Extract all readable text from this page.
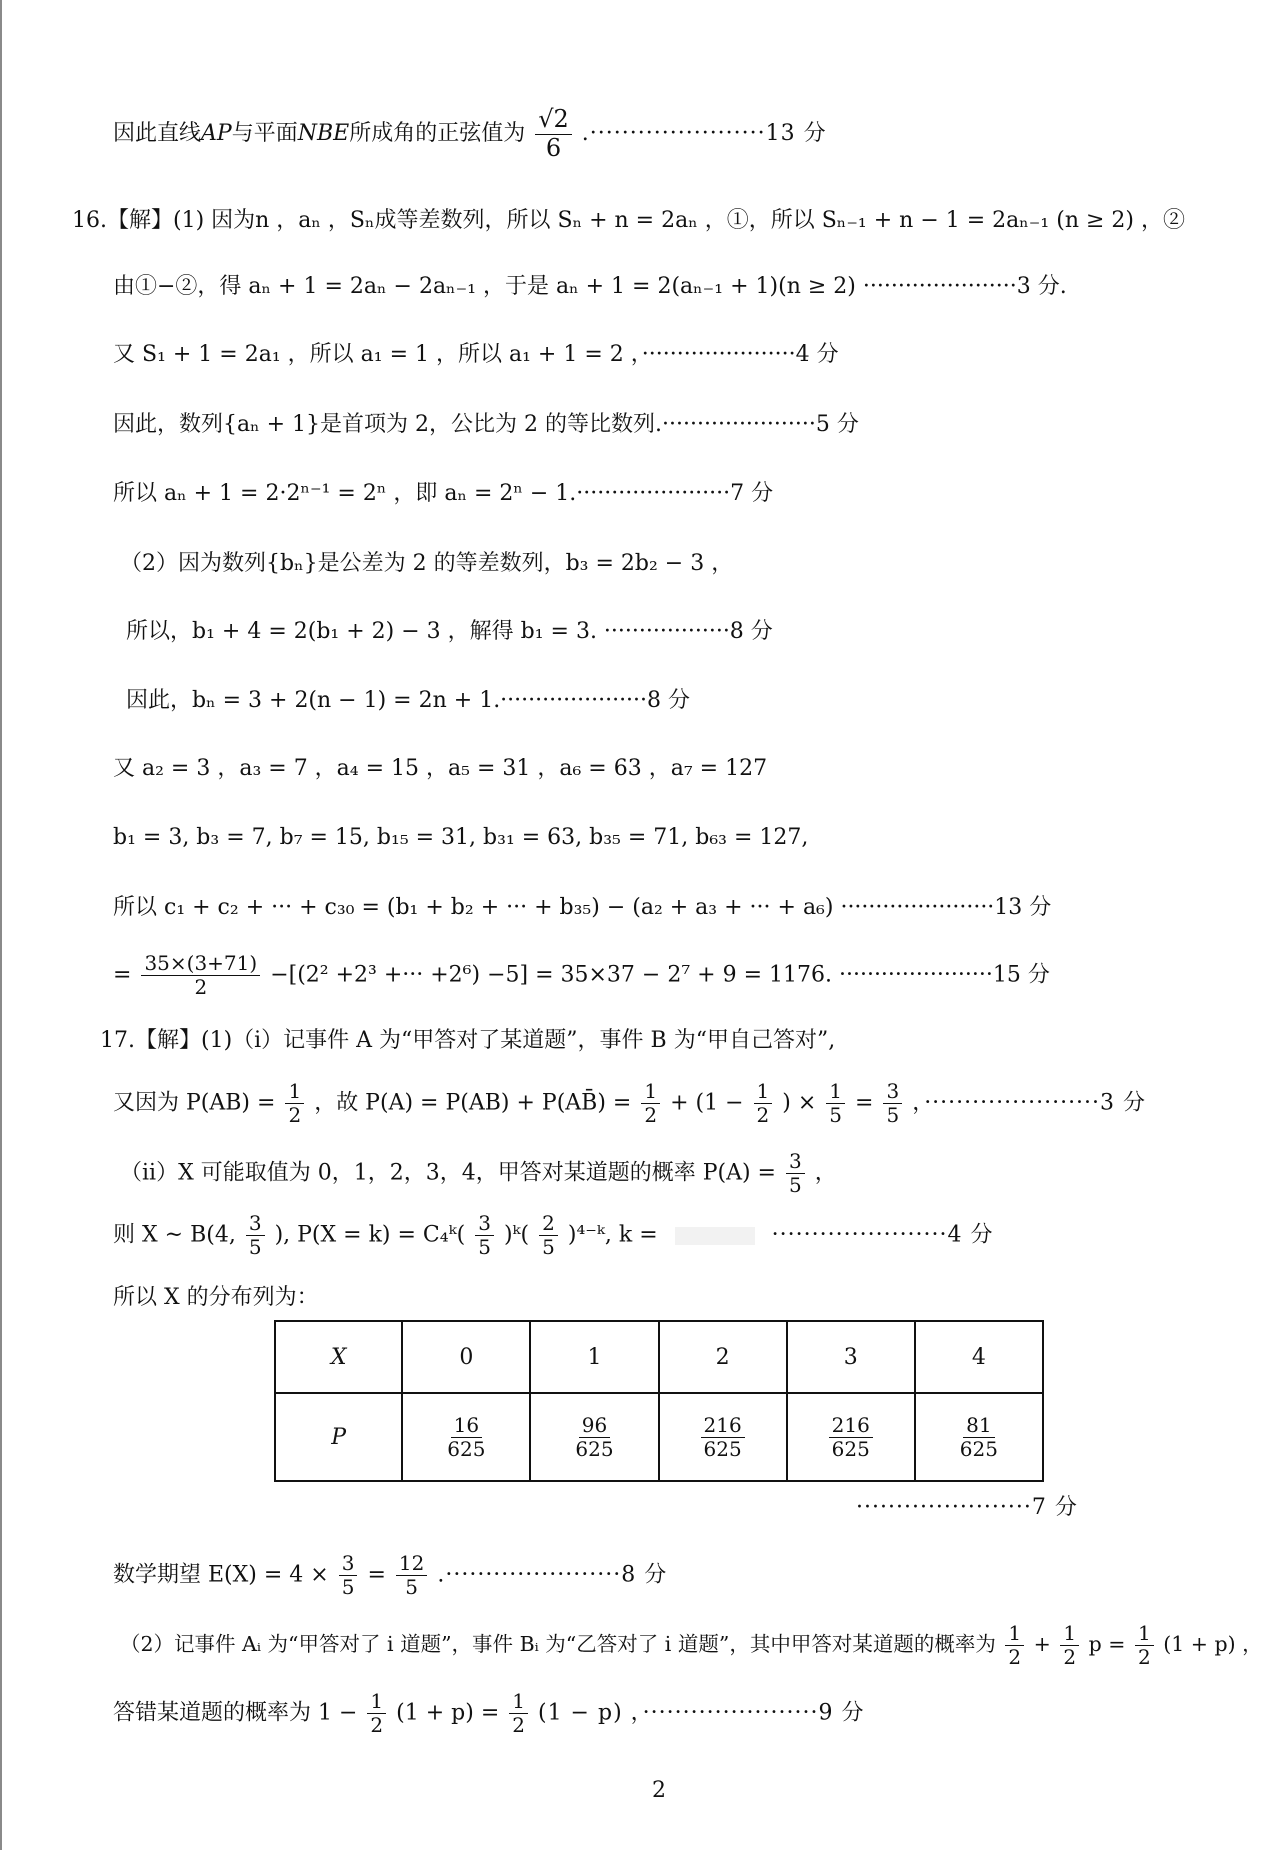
因此直线AP与平面NBE所成角的正弦值为 $\frac{√2}{6} .\cdot\cdot\cdot\cdot\cdot\cdot\cdot\cdot\cdot\cdot\cdot\cdot\cdot\cdot\cdot\cdot\cdot\cdot\cdot\cdot\cdot\cdot 13$ 分
16.【解】(1) 因为n ，aₙ ，Sₙ成等差数列，所以 Sₙ + n = 2aₙ ，①，所以 Sₙ₋₁ + n − 1 = 2aₙ₋₁ (n ≥ 2) ，②
由①−②，得 aₙ + 1 = 2aₙ − 2aₙ₋₁ ，于是 aₙ + 1 = 2(aₙ₋₁ + 1)(n ≥ 2) ······················3 分.
又 S₁ + 1 = 2a₁ ，所以 a₁ = 1 ，所以 a₁ + 1 = 2 ，······················4 分
因此，数列{aₙ + 1}是首项为 2，公比为 2 的等比数列.······················5 分
所以 aₙ + 1 = 2·2ⁿ⁻¹ = 2ⁿ ，即 aₙ = 2ⁿ − 1.······················7 分
（2）因为数列{bₙ}是公差为 2 的等差数列，b₃ = 2b₂ − 3 ，
所以，b₁ + 4 = 2(b₁ + 2) − 3 ，解得 b₁ = 3. ··················8 分
因此，bₙ = 3 + 2(n − 1) = 2n + 1.·····················8 分
又 a₂ = 3 ，a₃ = 7 ，a₄ = 15 ，a₅ = 31 ，a₆ = 63 ，a₇ = 127
b₁ = 3, b₃ = 7, b₇ = 15, b₁₅ = 31, b₃₁ = 63, b₃₅ = 71, b₆₃ = 127,
所以 c₁ + c₂ + ··· + c₃₀ = (b₁ + b₂ + ··· + b₃₅) − (a₂ + a₃ + ··· + a₆) ······················13 分
= $\frac{35\times(3+71)}{2} -[(2^2 +2^3$ +··· +2⁶) −5] = 35×37 − 2⁷ + 9 = 1176. ······················15 分
17.【解】(1)（i）记事件 A 为“甲答对了某道题”，事件 B 为“甲自己答对”,
又因为 $P(AB) = \frac{1}{2}$ ，故 P(A) = P(AB) + P(AB̄) = $\frac{1}{2} + (1 - \frac{1}{2}$ ) × $\frac{1}{5} = \frac{3}{5}$ ，······················3 分
（ii）X 可能取值为 0，1，2，3，4，甲答对某道题的概率 $P(A) = \frac{3}{5}$ ，
则 X ~ B(4, $\frac{3}{5}$ ), P(X = k) = C₄ᵏ( $\frac{3}{5}$ )ᵏ( $\frac{2}{5}$ )⁴⁻ᵏ, k =	······················4 分
所以 X 的分布列为：
X	0	1	2	3	4
P	$\frac{16}{625}$	$\frac{96}{625}$	$\frac{216}{625}$	$\frac{216}{625}$	$\frac{81}{625}$
······················7 分
数学期望 $E(X) = 4 \times \frac{3}{5} = \frac{12}{5} .\cdot\cdot\cdot\cdot\cdot\cdot\cdot\cdot\cdot\cdot\cdot\cdot\cdot\cdot\cdot\cdot\cdot\cdot\cdot\cdot\cdot\cdot 8$ 分
（2）记事件 Aᵢ 为“甲答对了 i 道题”，事件 Bᵢ 为“乙答对了 i 道题”，其中甲答对某道题的概率为 $\frac{1}{2} + \frac{1}{2}$ $p = \frac{1}{2} (1 + p)$ ，
答错某道题的概率为 $1 - \frac{1}{2} (1 + p) = \frac{1}{2} (1 - p)$ ，······················9 分
2
